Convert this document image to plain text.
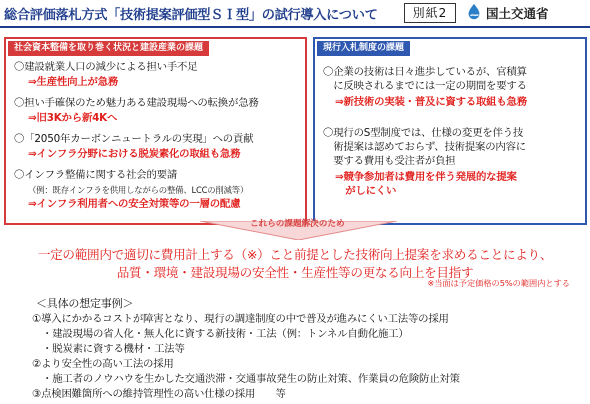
総合評価落札方式「技術提案評価型ＳＩ型」の試行導入について	別紙2	国土交通省
社会資本整備を取り巻く状況と建設産業の課題
〇建設就業人口の減少による担い手不足
⇒生産性向上が急務
〇担い手確保のため魅力ある建設現場への転換が急務
⇒旧3Kから新4Kへ
〇「2050年カーボンニュートラルの実現」への貢献
⇒インフラ分野における脱炭素化の取組も急務
〇インフラ整備に関する社会的要請
（例：既存インフラを供用しながらの整備、LCCの削減等）
⇒インフラ利用者への安全対策等の一層の配慮
現行入札制度の課題
〇企業の技術は日々進歩しているが、官積算
　に反映されるまでには一定の期間を要する
⇒新技術の実装・普及に資する取組も急務
〇現行のS型制度では、仕様の変更を伴う技
　術提案は認めておらず、技術提案の内容に
　要する費用も受注者が負担
⇒競争参加者は費用を伴う発展的な提案
　がしにくい
これらの課題解決のため
一定の範囲内で適切に費用計上する（※）こと前提とした技術向上提案を求めることにより、
品質・環境・建設現場の安全性・生産性等の更なる向上を目指す
※当面は予定価格の5%の範囲内とする
＜具体の想定事例＞
①導入にかかるコストが障害となり、現行の調達制度の中で普及が進みにくい工法等の採用
・建設現場の省人化・無人化に資する新技術・工法（例：トンネル自動化施工）
・脱炭素に資する機材・工法等
②より安全性の高い工法の採用
・施工者のノウハウを生かした交通渋滞・交通事故発生の防止対策、作業員の危険防止対策
③点検困難箇所への維持管理性の高い仕様の採用　　等
